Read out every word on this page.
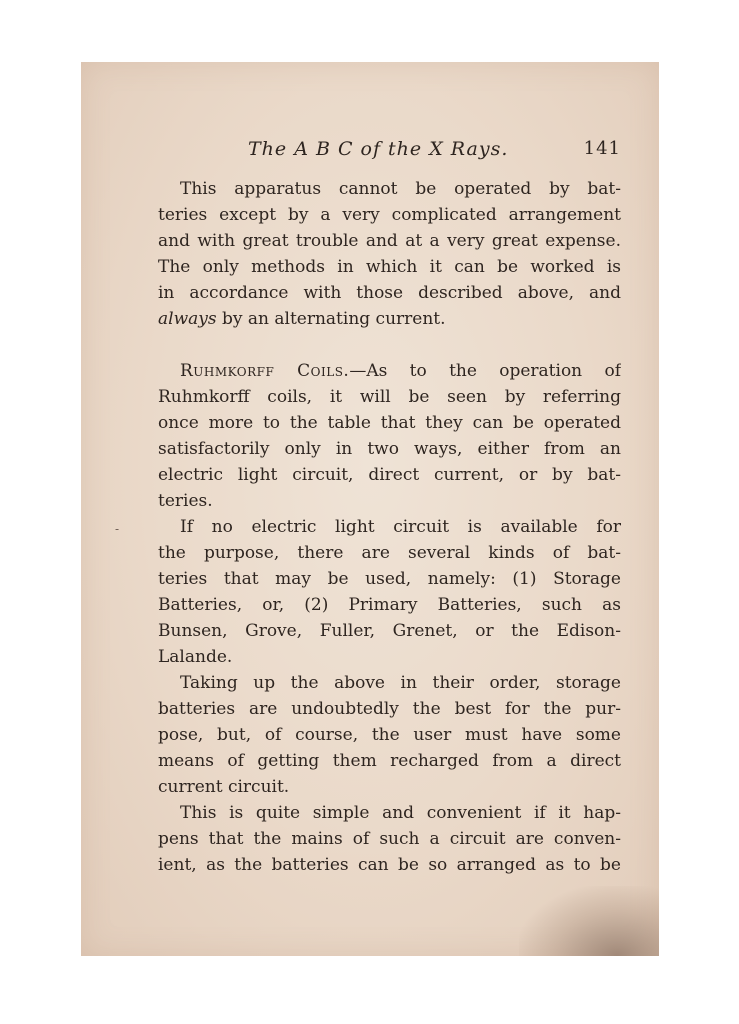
The A B C of the X Rays.	141
This apparatus cannot be operated by bat-
teries except by a very complicated arrangement
and with great trouble and at a very great expense.
The only methods in which it can be worked is
in accordance with those described above, and
always by an alternating current.
Ruhmkorff Coils.—As to the operation of
Ruhmkorff coils, it will be seen by referring
once more to the table that they can be operated
satisfactorily only in two ways, either from an
electric light circuit, direct current, or by bat-
teries.
If no electric light circuit is available for
the purpose, there are several kinds of bat-
teries that may be used, namely: (1) Storage
Batteries, or, (2) Primary Batteries, such as
Bunsen, Grove, Fuller, Grenet, or the Edison-
Lalande.
Taking up the above in their order, storage
batteries are undoubtedly the best for the pur-
pose, but, of course, the user must have some
means of getting them recharged from a direct
current circuit.
This is quite simple and convenient if it hap-
pens that the mains of such a circuit are conven-
ient, as the batteries can be so arranged as to be
‐
